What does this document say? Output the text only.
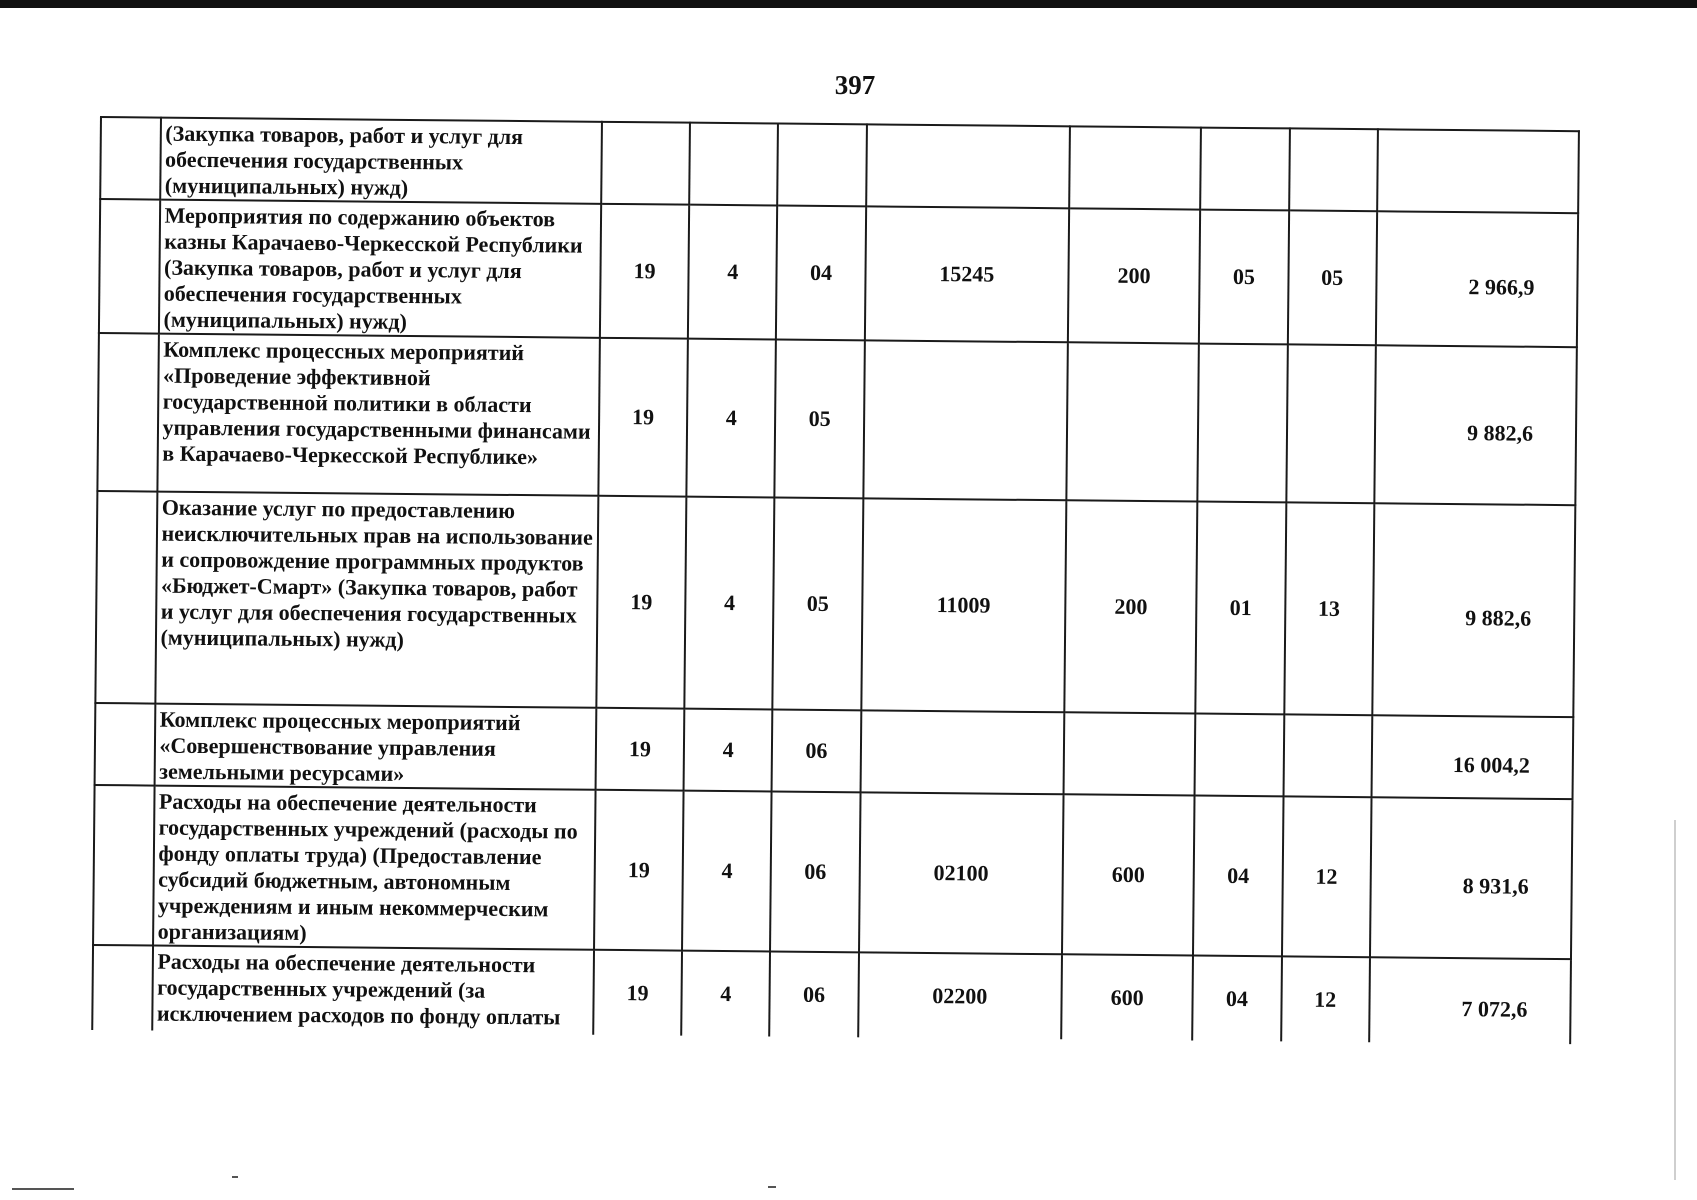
397
	(Закупка товаров, работ и услуг для обеспечения государственных (муниципальных) нужд)								
	Мероприятия по содержанию объектов казны Карачаево-Черкесской Республики (Закупка товаров, работ и услуг для обеспечения государственных (муниципальных) нужд)	19	4	04	15245	200	05	05	2 966,9
	Комплекс процессных мероприятий «Проведение эффективной государственной политики в области управления государственными финансами в Карачаево-Черкесской Республике»	19	4	05					9 882,6
	Оказание услуг по предоставлению неисключительных прав на использование и сопровождение программных продуктов «Бюджет-Смарт» (Закупка товаров, работ и услуг для обеспечения государственных (муниципальных) нужд)	19	4	05	11009	200	01	13	9 882,6
	Комплекс процессных мероприятий «Совершенствование управления земельными ресурсами»	19	4	06					16 004,2
	Расходы на обеспечение деятельности государственных учреждений (расходы по фонду оплаты труда) (Предоставление субсидий бюджетным, автономным учреждениям и иным некоммерческим организациям)	19	4	06	02100	600	04	12	8 931,6

	Расходы на обеспечение деятельности государственных учреждений (за исключением расходов по фонду оплаты	19	4	06	02200	600	04	12	7 072,6
